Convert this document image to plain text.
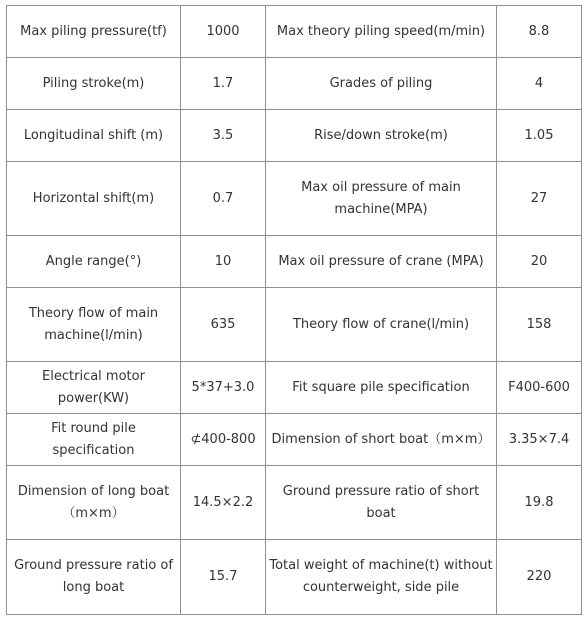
Max piling pressure(tf)	1000	Max theory piling speed(m/min)	8.8
Piling stroke(m)	1.7	Grades of piling	4
Longitudinal shift (m)	3.5	Rise/down stroke(m)	1.05
Horizontal shift(m)	0.7	Max oil pressure of main machine(MPA)	27
Angle range(°)	10	Max oil pressure of crane (MPA)	20
Theory flow of main machine(l/min)	635	Theory flow of crane(l/min)	158
Electrical motor power(KW)	5*37+3.0	Fit square pile specification	F400-600
Fit round pile specification	⊄400-800	Dimension of short boat（m×m）	3.35×7.4
Dimension of long boat（m×m）	14.5×2.2	Ground pressure ratio of short boat	19.8
Ground pressure ratio of long boat	15.7	Total weight of machine(t) without counterweight, side pile	220
